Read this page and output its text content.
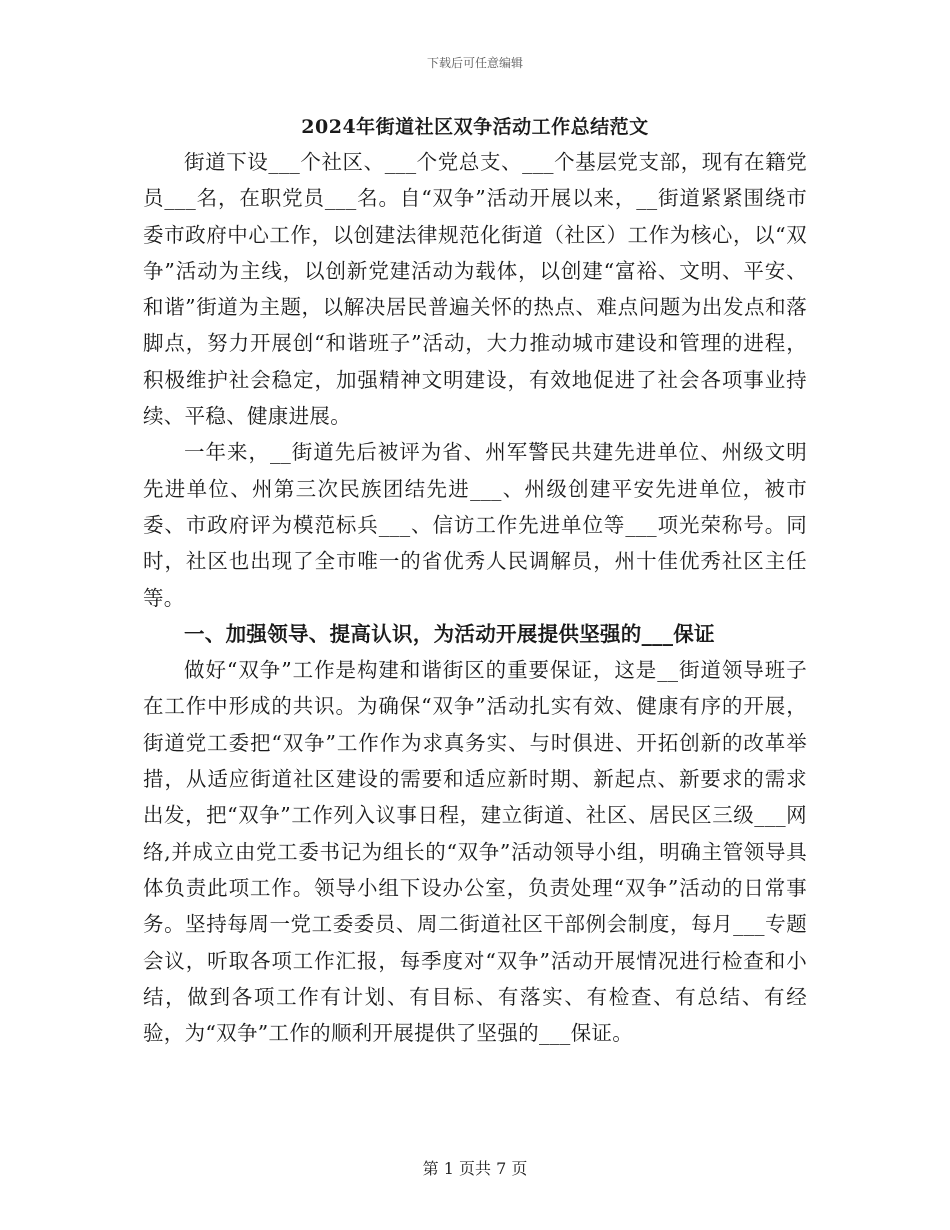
下载后可任意编辑
2024年街道社区双争活动工作总结范文

街道下设___个社区、___个党总支、___个基层党支部，现有在籍党员___名，在职党员___名。自“双争”活动开展以来，__街道紧紧围绕市委市政府中心工作，以创建法律规范化街道（社区）工作为核心，以“双争”活动为主线，以创新党建活动为载体，以创建“富裕、文明、平安、和谐”街道为主题，以解决居民普遍关怀的热点、难点问题为出发点和落脚点，努力开展创“和谐班子”活动，大力推动城市建设和管理的进程，积极维护社会稳定，加强精神文明建设，有效地促进了社会各项事业持续、平稳、健康进展。

一年来，__街道先后被评为省、州军警民共建先进单位、州级文明先进单位、州第三次民族团结先进___、州级创建平安先进单位，被市委、市政府评为模范标兵___、信访工作先进单位等___项光荣称号。同时，社区也出现了全市唯一的省优秀人民调解员，州十佳优秀社区主任等。

一、加强领导、提高认识，为活动开展提供坚强的___保证

做好“双争”工作是构建和谐街区的重要保证，这是__街道领导班子在工作中形成的共识。为确保“双争”活动扎实有效、健康有序的开展，街道党工委把“双争”工作作为求真务实、与时俱进、开拓创新的改革举措，从适应街道社区建设的需要和适应新时期、新起点、新要求的需求出发，把“双争”工作列入议事日程，建立街道、社区、居民区三级___网络,并成立由党工委书记为组长的“双争”活动领导小组，明确主管领导具体负责此项工作。领导小组下设办公室，负责处理“双争”活动的日常事务。坚持每周一党工委委员、周二街道社区干部例会制度，每月___专题会议，听取各项工作汇报，每季度对“双争”活动开展情况进行检查和小结，做到各项工作有计划、有目标、有落实、有检查、有总结、有经验，为“双争”工作的顺利开展提供了坚强的___保证。

第 1 页共 7 页
